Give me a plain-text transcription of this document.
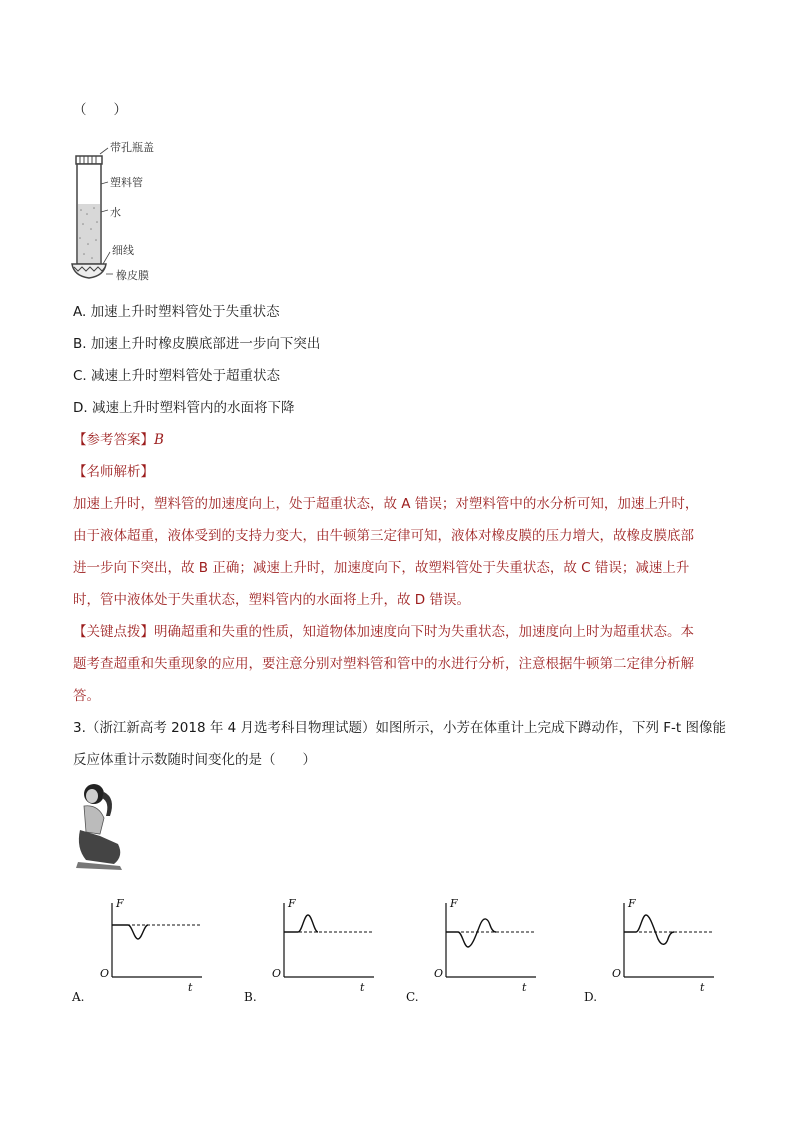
（　　）
带孔瓶盖
塑料管
水
细线
橡皮膜
A. 加速上升时塑料管处于失重状态
B. 加速上升时橡皮膜底部进一步向下突出
C. 减速上升时塑料管处于超重状态
D. 减速上升时塑料管内的水面将下降
【参考答案】B
【名师解析】
加速上升时，塑料管的加速度向上，处于超重状态，故 A 错误；对塑料管中的水分析可知，加速上升时，
由于液体超重，液体受到的支持力变大，由牛顿第三定律可知，液体对橡皮膜的压力增大，故橡皮膜底部
进一步向下突出，故 B 正确；减速上升时，加速度向下，故塑料管处于失重状态，故 C 错误；减速上升
时，管中液体处于失重状态，塑料管内的水面将上升，故 D 错误。
【关键点拨】明确超重和失重的性质，知道物体加速度向下时为失重状态，加速度向上时为超重状态。本
题考查超重和失重现象的应用，要注意分别对塑料管和管中的水进行分析，注意根据牛顿第二定律分析解
答。
3.（浙江新高考 2018 年 4 月选考科目物理试题）如图所示，小芳在体重计上完成下蹲动作，下列 F-t 图像能
反应体重计示数随时间变化的是（　　）
F
O
t
A.
F
O
t
B.
F
O
t
C.
F
O
t
D.
